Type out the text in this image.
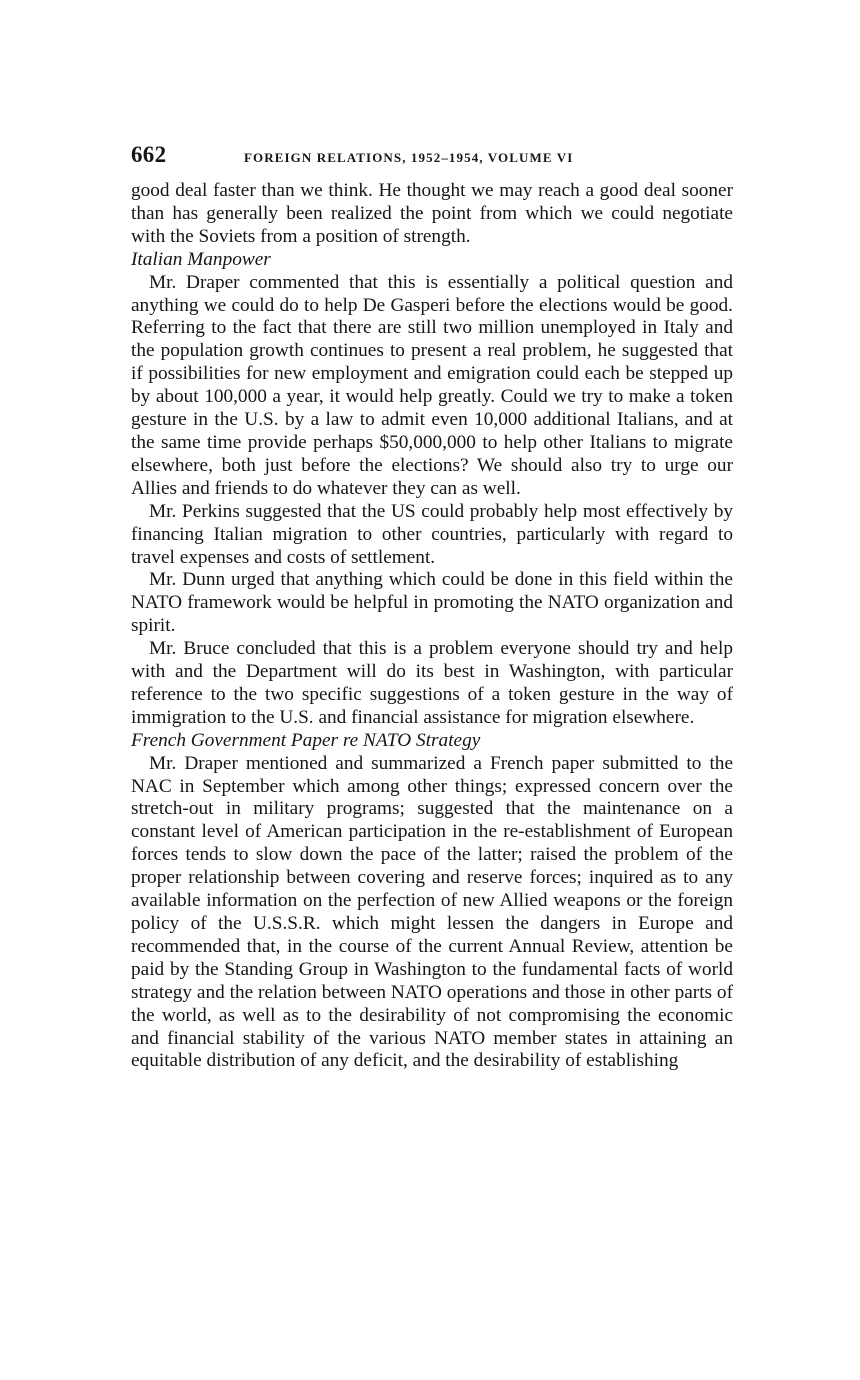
662	FOREIGN RELATIONS, 1952–1954, VOLUME VI

good deal faster than we think. He thought we may reach a good deal sooner than has generally been realized the point from which we could negotiate with the Soviets from a position of strength.

Italian Manpower

Mr. Draper commented that this is essentially a political question and anything we could do to help De Gasperi before the elections would be good. Referring to the fact that there are still two million unemployed in Italy and the population growth continues to present a real problem, he suggested that if possibilities for new employment and emigration could each be stepped up by about 100,000 a year, it would help greatly. Could we try to make a token gesture in the U.S. by a law to admit even 10,000 additional Italians, and at the same time provide perhaps $50,000,000 to help other Italians to migrate elsewhere, both just before the elections? We should also try to urge our Allies and friends to do whatever they can as well.

Mr. Perkins suggested that the US could probably help most effectively by financing Italian migration to other countries, particularly with regard to travel expenses and costs of settlement.

Mr. Dunn urged that anything which could be done in this field within the NATO framework would be helpful in promoting the NATO organization and spirit.

Mr. Bruce concluded that this is a problem everyone should try and help with and the Department will do its best in Washington, with particular reference to the two specific suggestions of a token gesture in the way of immigration to the U.S. and financial assistance for migration elsewhere.

French Government Paper re NATO Strategy

Mr. Draper mentioned and summarized a French paper submitted to the NAC in September which among other things; expressed concern over the stretch-out in military programs; suggested that the maintenance on a constant level of American participation in the re-establishment of European forces tends to slow down the pace of the latter; raised the problem of the proper relationship between covering and reserve forces; inquired as to any available information on the perfection of new Allied weapons or the foreign policy of the U.S.S.R. which might lessen the dangers in Europe and recommended that, in the course of the current Annual Review, attention be paid by the Standing Group in Washington to the fundamental facts of world strategy and the relation between NATO operations and those in other parts of the world, as well as to the desirability of not compromising the economic and financial stability of the various NATO member states in attaining an equitable distribution of any deficit, and the desirability of establishing
